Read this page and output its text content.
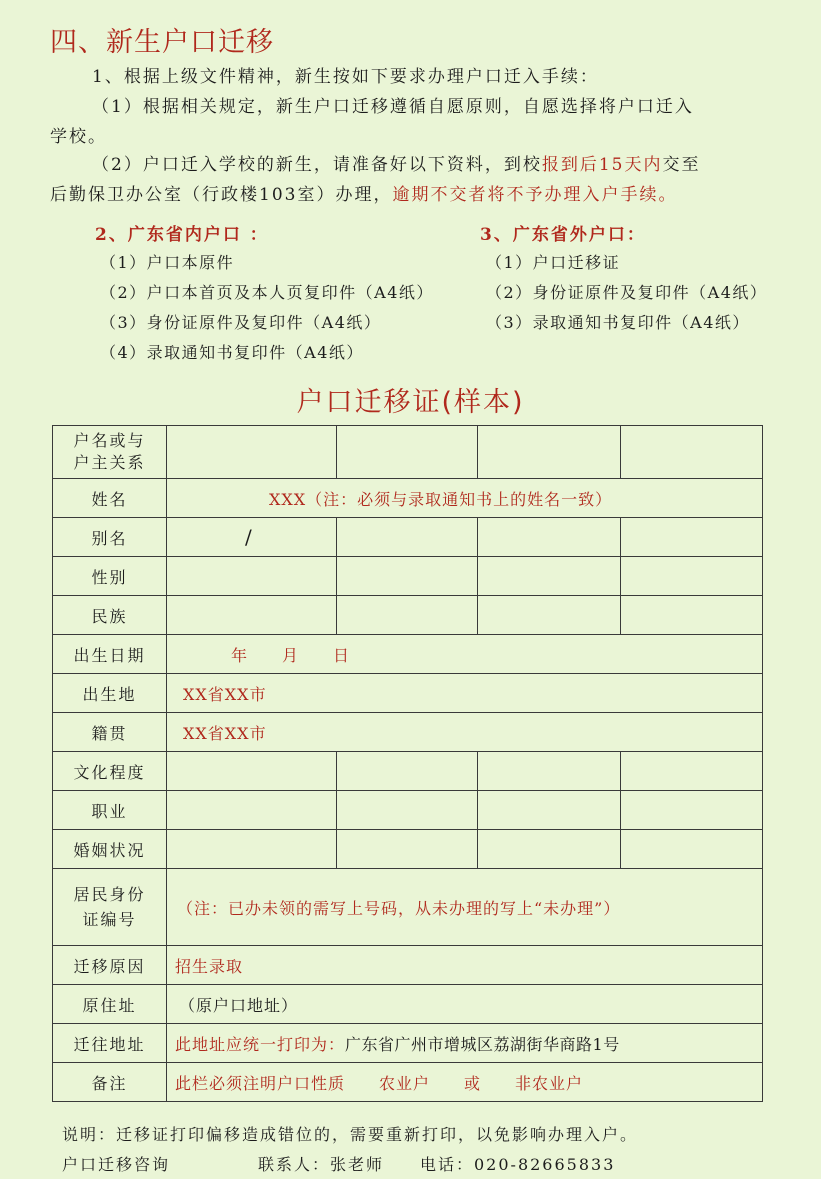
四、新生户口迁移
1、根据上级文件精神，新生按如下要求办理户口迁入手续：
（1）根据相关规定，新生户口迁移遵循自愿原则，自愿选择将户口迁入
学校。
（2）户口迁入学校的新生，请准备好以下资料，到校报到后15天内交至
后勤保卫办公室（行政楼103室）办理，逾期不交者将不予办理入户手续。
2、广东省内户口 ：
（1）户口本原件
（2）户口本首页及本人页复印件（A4纸）
（3）身份证原件及复印件（A4纸）
（4）录取通知书复印件（A4纸）
3、广东省外户口：
（1）户口迁移证
（2）身份证原件及复印件（A4纸）
（3）录取通知书复印件（A4纸）
户口迁移证(样本)
户名或与
户主关系				
姓名	XXX（注：必须与录取通知书上的姓名一致）			
别名	/			
性别				
民族				
出生日期	年　　月　　日			
出生地	XX省XX市			
籍贯	XX省XX市			
文化程度				
职业				
婚姻状况				
居民身份
证编号	（注：已办未领的需写上号码，从未办理的写上“未办理”）			
迁移原因	招生录取			
原住址	（原户口地址）			
迁往地址	此地址应统一打印为：广东省广州市增城区荔湖街华商路1号			
备注	此栏必须注明户口性质　　农业户　　或　　非农业户			
说明：迁移证打印偏移造成错位的，需要重新打印，以免影响办理入户。
户口迁移咨询	联系人：张老师 电话：020-82665833
